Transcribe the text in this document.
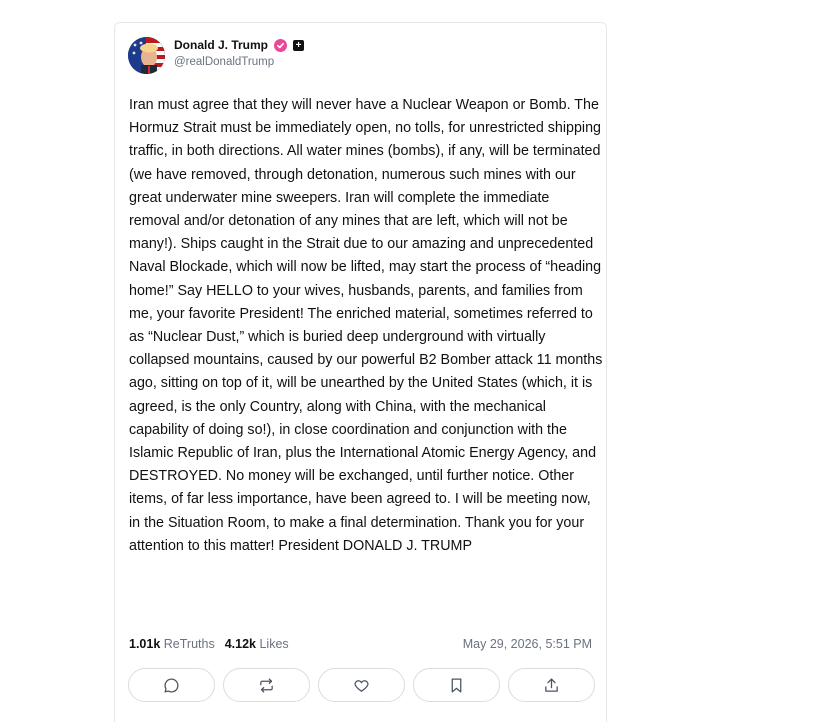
Donald J. Trump	+
@realDonaldTrump

Iran must agree that they will never have a Nuclear Weapon or Bomb. The Hormuz Strait must be immediately open, no tolls, for unrestricted shipping traffic, in both directions. All water mines (bombs), if any, will be terminated (we have removed, through detonation, numerous such mines with our great underwater mine sweepers. Iran will complete the immediate removal and/or detonation of any mines that are left, which will not be many!). Ships caught in the Strait due to our amazing and unprecedented Naval Blockade, which will now be lifted, may start the process of “heading home!” Say HELLO to your wives, husbands, parents, and families from me, your favorite President! The enriched material, sometimes referred to as “Nuclear Dust,” which is buried deep underground with virtually collapsed mountains, caused by our powerful B2 Bomber attack 11 months ago, sitting on top of it, will be unearthed by the United States (which, it is agreed, is the only Country, along with China, with the mechanical capability of doing so!), in close coordination and conjunction with the Islamic Republic of Iran, plus the International Atomic Energy Agency, and DESTROYED. No money will be exchanged, until further notice. Other items, of far less importance, have been agreed to. I will be meeting now, in the Situation Room, to make a final determination. Thank you for your attention to this matter! President DONALD J. TRUMP

1.01k ReTruths 4.12k Likes	May 29, 2026, 5:51 PM
